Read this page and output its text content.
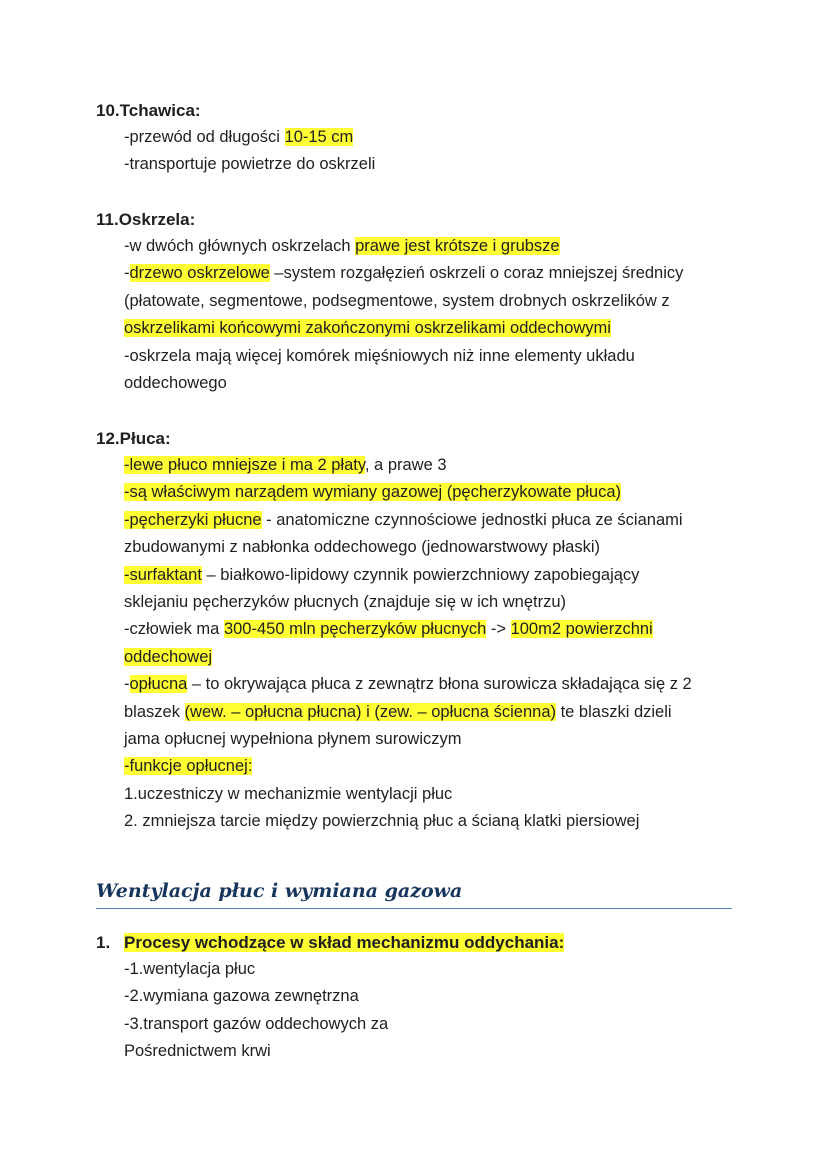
10.Tchawica:
-przewód od długości 10-15 cm
-transportuje powietrze do oskrzeli
11.Oskrzela:
-w dwóch głównych oskrzelach prawe jest krótsze i grubsze
-drzewo oskrzelowe –system rozgałęzień oskrzeli o coraz mniejszej średnicy
(płatowate, segmentowe, podsegmentowe, system drobnych oskrzelików z
oskrzelikami końcowymi zakończonymi oskrzelikami oddechowymi
-oskrzela mają więcej komórek mięśniowych niż inne elementy układu
oddechowego
12.Płuca:
-lewe płuco mniejsze i ma 2 płaty, a prawe 3
-są właściwym narządem wymiany gazowej (pęcherzykowate płuca)
-pęcherzyki płucne - anatomiczne czynnościowe jednostki płuca ze ścianami
zbudowanymi z nabłonka oddechowego (jednowarstwowy płaski)
-surfaktant – białkowo-lipidowy czynnik powierzchniowy zapobiegający
sklejaniu pęcherzyków płucnych (znajduje się w ich wnętrzu)
-człowiek ma 300-450 mln pęcherzyków płucnych -> 100m2 powierzchni
oddechowej
-opłucna – to okrywająca płuca z zewnątrz błona surowicza składająca się z 2
blaszek (wew. – opłucna płucna) i (zew. – opłucna ścienna) te blaszki dzieli
jama opłucnej wypełniona płynem surowiczym
-funkcje opłucnej:
1.uczestniczy w mechanizmie wentylacji płuc
2. zmniejsza tarcie między powierzchnią płuc a ścianą klatki piersiowej
Wentylacja płuc i wymiana gazowa
1. Procesy wchodzące w skład mechanizmu oddychania:
-1.wentylacja płuc
-2.wymiana gazowa zewnętrzna
-3.transport gazów oddechowych za
Pośrednictwem krwi
